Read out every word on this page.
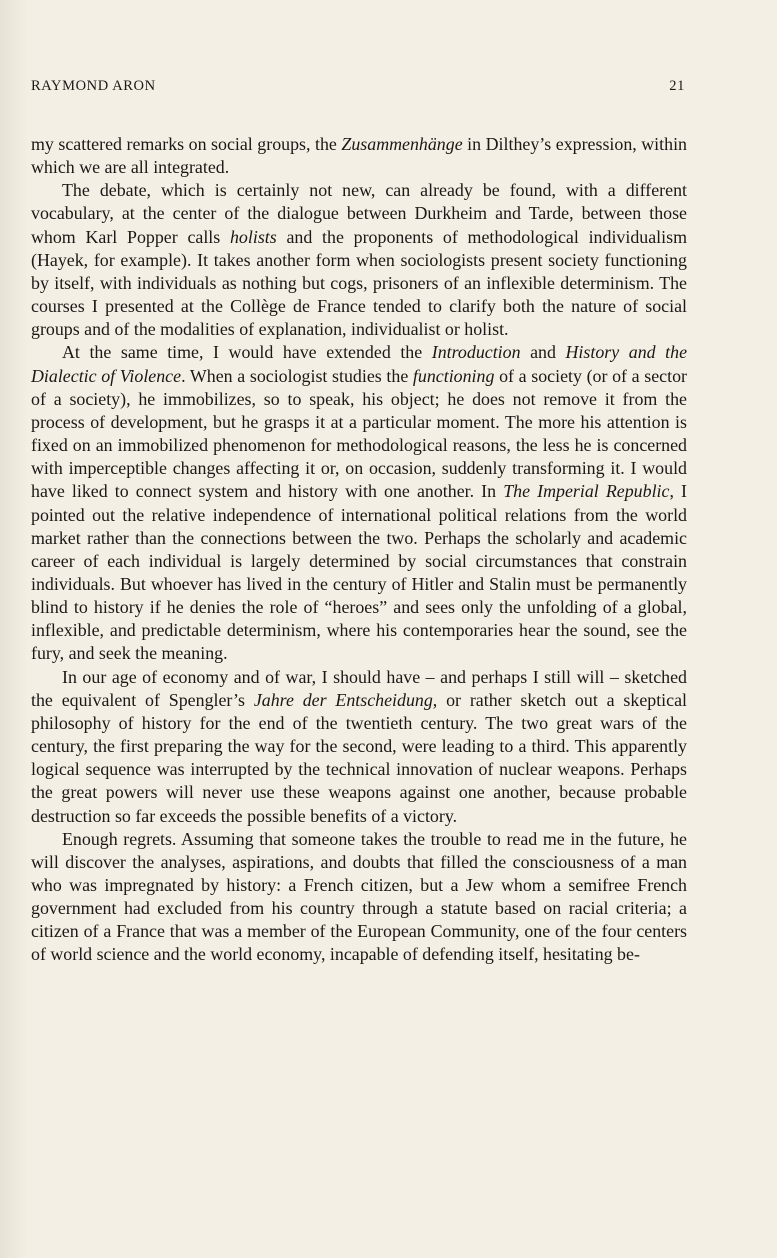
RAYMOND ARON	21

my scattered remarks on social groups, the Zusammenhänge in Dilthey’s expression, within which we are all integrated.

The debate, which is certainly not new, can already be found, with a different vocabulary, at the center of the dialogue between Durkheim and Tarde, between those whom Karl Popper calls holists and the proponents of methodological individualism (Hayek, for example). It takes another form when sociologists present society functioning by itself, with individuals as nothing but cogs, prisoners of an inflexible determinism. The courses I presented at the Collège de France tended to clarify both the nature of social groups and of the modalities of explanation, individualist or holist.

At the same time, I would have extended the Introduction and History and the Dialectic of Violence. When a sociologist studies the functioning of a society (or of a sector of a society), he immobilizes, so to speak, his object; he does not remove it from the process of development, but he grasps it at a particular moment. The more his attention is fixed on an immobilized phenomenon for methodological reasons, the less he is concerned with imperceptible changes affecting it or, on occasion, suddenly transforming it. I would have liked to connect system and history with one another. In The Imperial Republic, I pointed out the relative independence of international political relations from the world market rather than the connections between the two. Perhaps the scholarly and academic career of each individual is largely determined by social circumstances that constrain individuals. But whoever has lived in the century of Hitler and Stalin must be permanently blind to history if he denies the role of “heroes” and sees only the unfolding of a global, inflexible, and predictable determinism, where his contemporaries hear the sound, see the fury, and seek the meaning.

In our age of economy and of war, I should have – and perhaps I still will – sketched the equivalent of Spengler’s Jahre der Entscheidung, or rather sketch out a skeptical philosophy of history for the end of the twentieth century. The two great wars of the century, the first preparing the way for the second, were leading to a third. This apparently logical sequence was interrupted by the technical innovation of nuclear weapons. Perhaps the great powers will never use these weapons against one another, because probable destruction so far exceeds the possible benefits of a victory.

Enough regrets. Assuming that someone takes the trouble to read me in the future, he will discover the analyses, aspirations, and doubts that filled the consciousness of a man who was impregnated by history: a French citizen, but a Jew whom a semifree French government had excluded from his country through a statute based on racial criteria; a citizen of a France that was a member of the European Community, one of the four centers of world science and the world economy, incapable of defending itself, hesitating be-
